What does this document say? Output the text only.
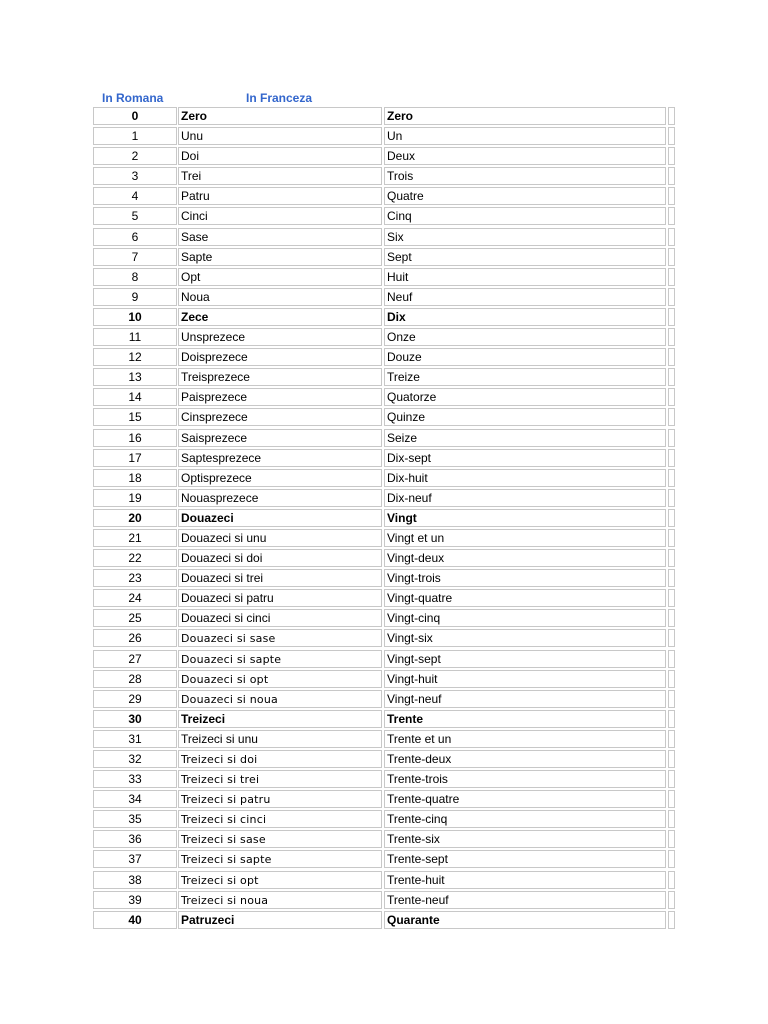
In Romana	In Franceza
0	Zero	Zero
1	Unu	Un
2	Doi	Deux
3	Trei	Trois
4	Patru	Quatre
5	Cinci	Cinq
6	Sase	Six
7	Sapte	Sept
8	Opt	Huit
9	Noua	Neuf
10	Zece	Dix
11	Unsprezece	Onze
12	Doisprezece	Douze
13	Treisprezece	Treize
14	Paisprezece	Quatorze
15	Cinsprezece	Quinze
16	Saisprezece	Seize
17	Saptesprezece	Dix-sept
18	Optisprezece	Dix-huit
19	Nouasprezece	Dix-neuf
20	Douazeci	Vingt
21	Douazeci si unu	Vingt et un
22	Douazeci si doi	Vingt-deux
23	Douazeci si trei	Vingt-trois
24	Douazeci si patru	Vingt-quatre
25	Douazeci si cinci	Vingt-cinq
26	Douazeci si sase	Vingt-six
27	Douazeci si sapte	Vingt-sept
28	Douazeci si opt	Vingt-huit
29	Douazeci si noua	Vingt-neuf
30	Treizeci	Trente
31	Treizeci si unu	Trente et un
32	Treizeci si doi	Trente-deux
33	Treizeci si trei	Trente-trois
34	Treizeci si patru	Trente-quatre
35	Treizeci si cinci	Trente-cinq
36	Treizeci si sase	Trente-six
37	Treizeci si sapte	Trente-sept
38	Treizeci si opt	Trente-huit
39	Treizeci si noua	Trente-neuf
40	Patruzeci	Quarante
